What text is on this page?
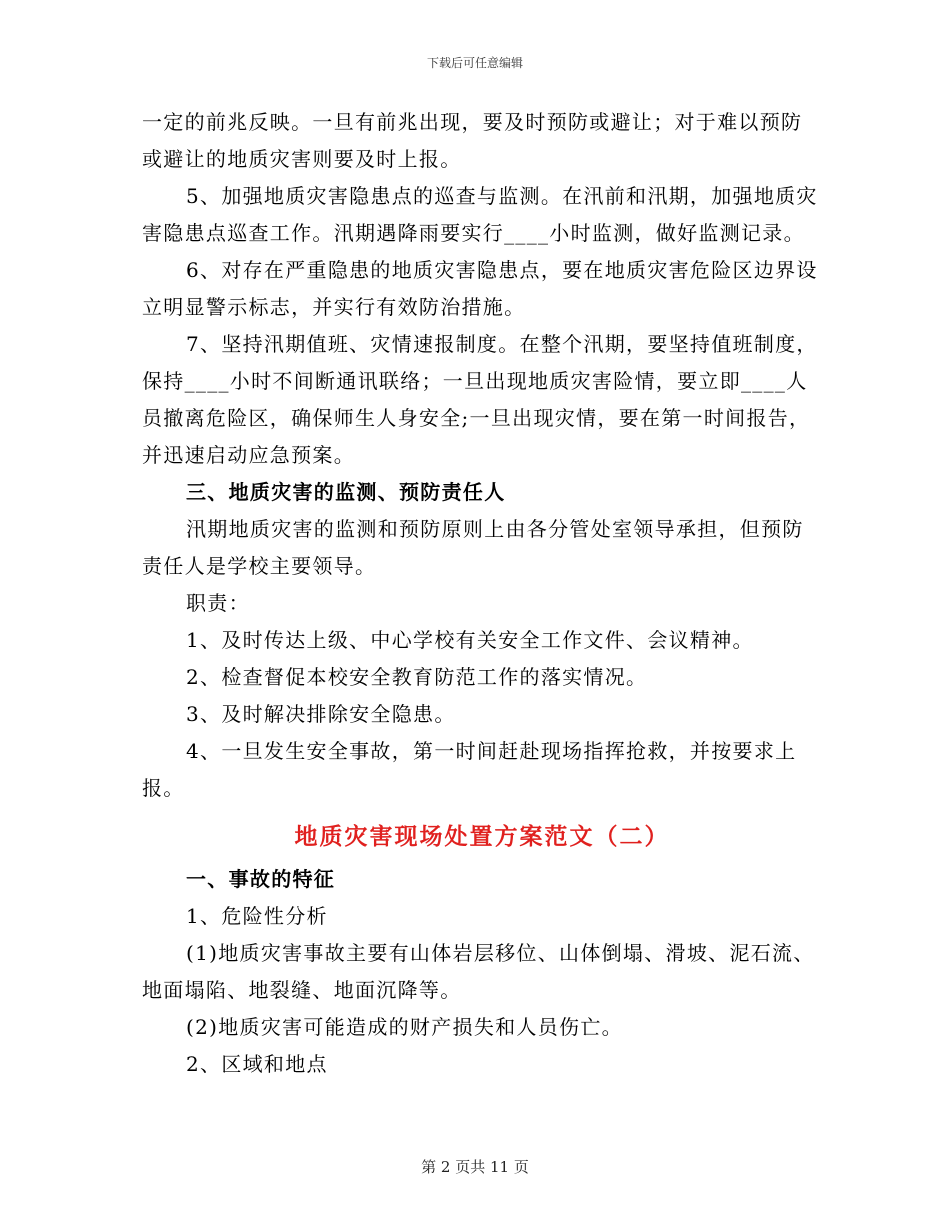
下载后可任意编辑

一定的前兆反映。一旦有前兆出现，要及时预防或避让；对于难以预防或避让的地质灾害则要及时上报。

5、加强地质灾害隐患点的巡查与监测。在汛前和汛期，加强地质灾害隐患点巡查工作。汛期遇降雨要实行____小时监测，做好监测记录。

6、对存在严重隐患的地质灾害隐患点，要在地质灾害危险区边界设立明显警示标志，并实行有效防治措施。

7、坚持汛期值班、灾情速报制度。在整个汛期，要坚持值班制度，保持____小时不间断通讯联络；一旦出现地质灾害险情，要立即____人员撤离危险区，确保师生人身安全;一旦出现灾情，要在第一时间报告，并迅速启动应急预案。

三、地质灾害的监测、预防责任人

汛期地质灾害的监测和预防原则上由各分管处室领导承担，但预防责任人是学校主要领导。

职责：

1、及时传达上级、中心学校有关安全工作文件、会议精神。

2、检查督促本校安全教育防范工作的落实情况。

3、及时解决排除安全隐患。

4、一旦发生安全事故，第一时间赶赴现场指挥抢救，并按要求上报。

地质灾害现场处置方案范文（二）

一、事故的特征

1、危险性分析

(1)地质灾害事故主要有山体岩层移位、山体倒塌、滑坡、泥石流、地面塌陷、地裂缝、地面沉降等。

(2)地质灾害可能造成的财产损失和人员伤亡。

2、区域和地点

第 2 页共 11 页
